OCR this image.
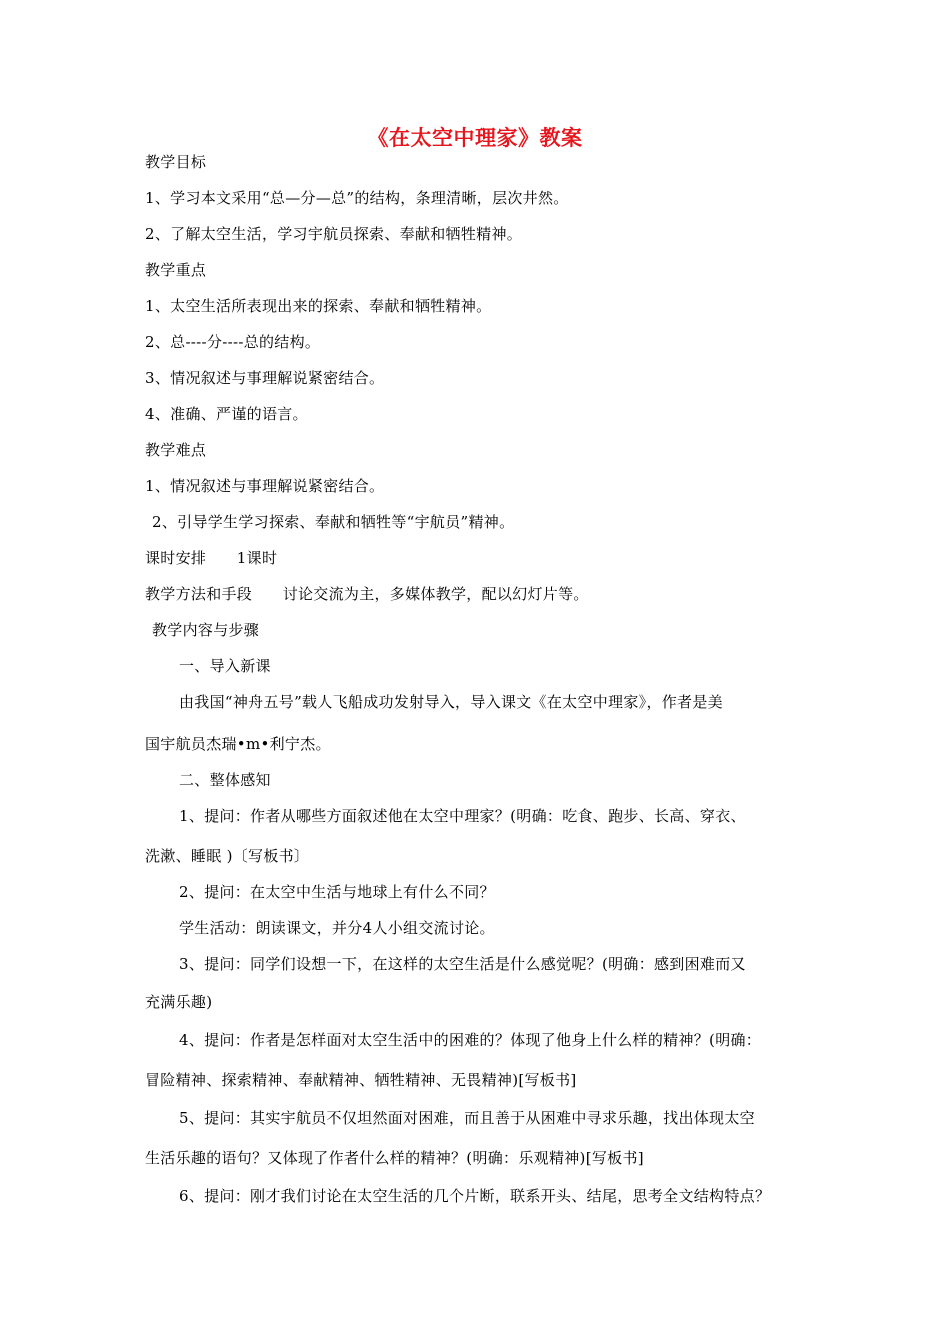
《在太空中理家》教案
教学目标
1、学习本文采用“总—分—总”的结构，条理清晰，层次井然。
2、了解太空生活，学习宇航员探索、奉献和牺牲精神。
教学重点
1、太空生活所表现出来的探索、奉献和牺牲精神。
2、总----分----总的结构。
3、情况叙述与事理解说紧密结合。
4、准确、严谨的语言。
教学难点
1、情况叙述与事理解说紧密结合。
2、引导学生学习探索、奉献和牺牲等“宇航员”精神。
课时安排　　1课时
教学方法和手段　　讨论交流为主，多媒体教学，配以幻灯片等。
教学内容与步骤
一、导入新课
由我国“神舟五号”载人飞船成功发射导入，导入课文《在太空中理家》，作者是美
国宇航员杰瑞•m•利宁杰。
二、整体感知
1、提问：作者从哪些方面叙述他在太空中理家？(明确：吃食、跑步、长高、穿衣、
洗漱、睡眠 )〔写板书〕
2、提问：在太空中生活与地球上有什么不同？
学生活动：朗读课文，并分4人小组交流讨论。
3、提问：同学们设想一下，在这样的太空生活是什么感觉呢？(明确：感到困难而又
充满乐趣)
4、提问：作者是怎样面对太空生活中的困难的？体现了他身上什么样的精神？(明确：
冒险精神、探索精神、奉献精神、牺牲精神、无畏精神)[写板书]
5、提问：其实宇航员不仅坦然面对困难，而且善于从困难中寻求乐趣，找出体现太空
生活乐趣的语句？又体现了作者什么样的精神？(明确：乐观精神)[写板书]
6、提问：刚才我们讨论在太空生活的几个片断，联系开头、结尾，思考全文结构特点？
